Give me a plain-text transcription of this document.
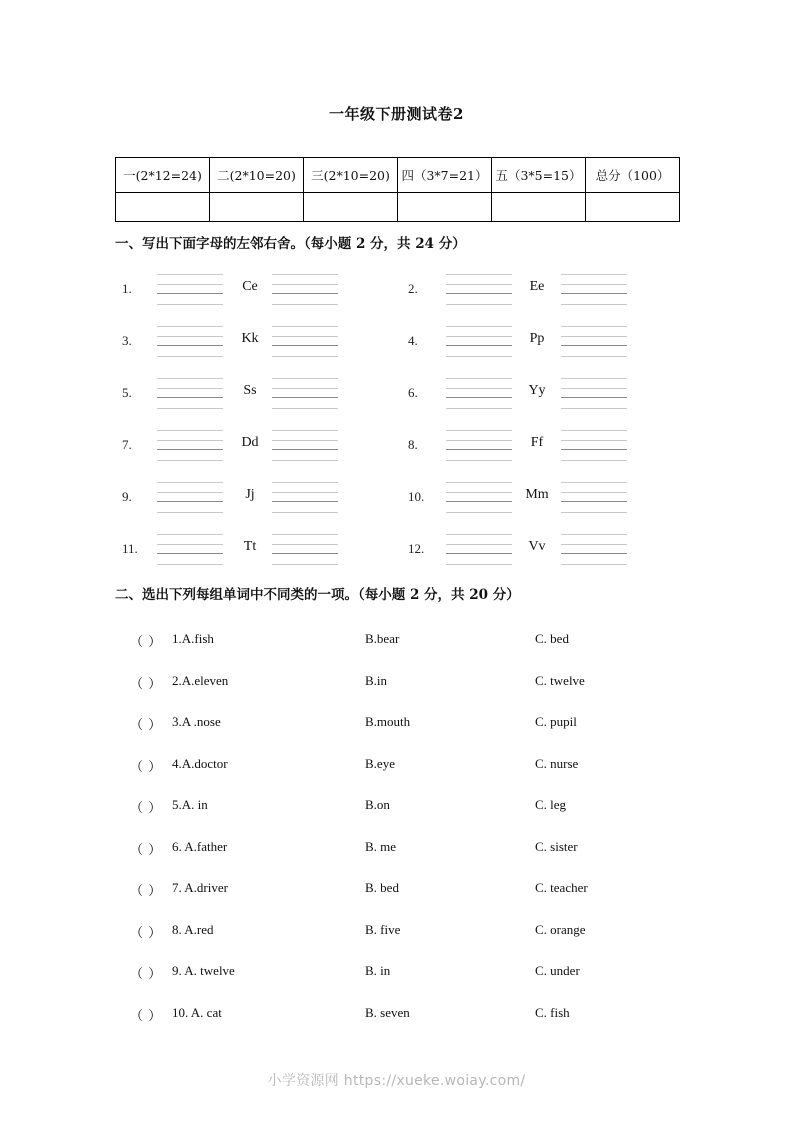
一年级下册测试卷2
一(2*12=24)	二(2*10=20)	三(2*10=20)	四（3*7=21）	五（3*5=15）	总分（100）

一、写出下面字母的左邻右舍。（每小题 2 分，共 24 分）
1.	Ce	2.	Ee
3.	Kk	4.	Pp
5.	Ss	6.	Yy
7.	Dd	8.	Ff
9.	Jj	10.	Mm
11.	Tt	12.	Vv
二、选出下列每组单词中不同类的一项。（每小题 2 分，共 20 分）
（ ） 1.A.fish	B.bear	C. bed
（ ） 2.A.eleven	B.in	C. twelve
（ ） 3.A .nose	B.mouth	C. pupil
（ ） 4.A.doctor	B.eye	C. nurse
（ ） 5.A. in	B.on	C. leg
（ ） 6. A.father	B. me	C. sister
（ ） 7. A.driver	B. bed	C. teacher
（ ） 8. A.red	B. five	C. orange
（ ） 9. A. twelve	B. in	C. under
（ ） 10. A. cat	B. seven	C. fish
小学资源网 https://xueke.woiay.com/
